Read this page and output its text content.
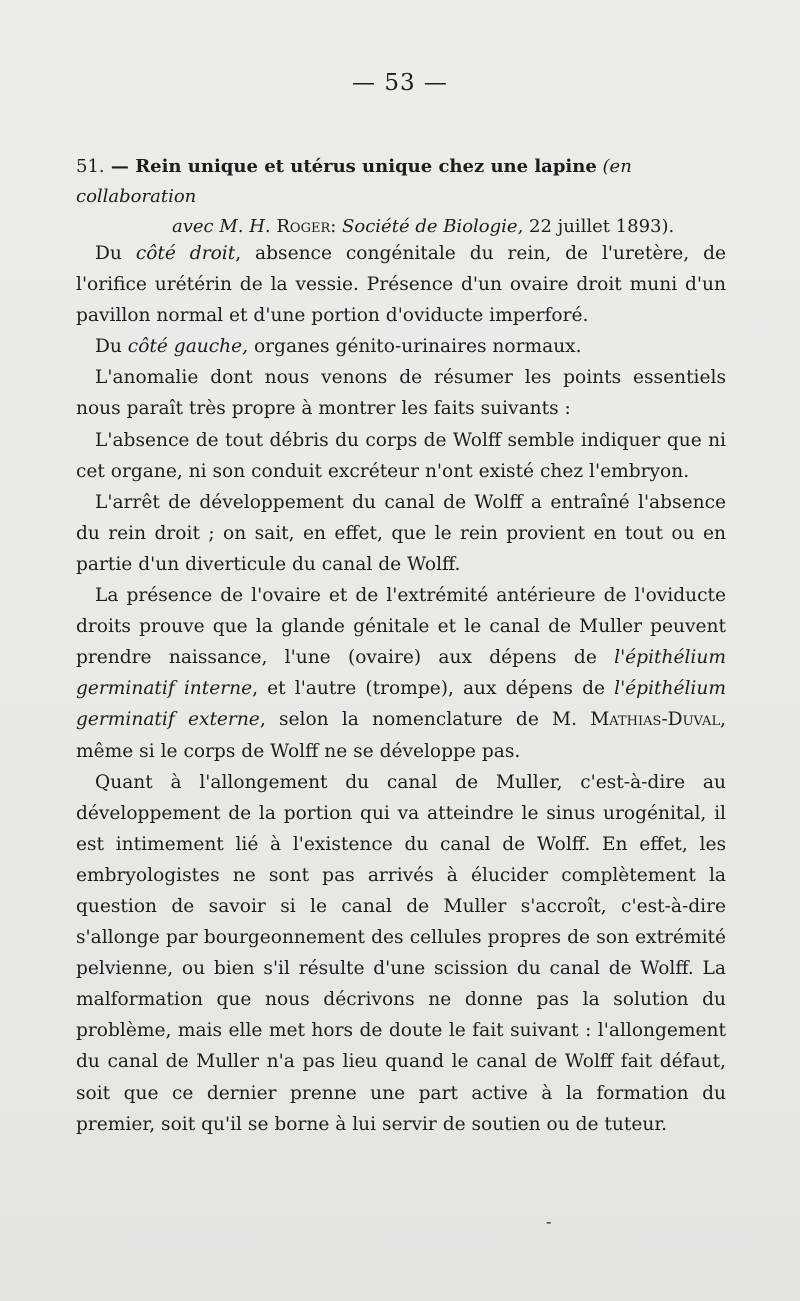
— 53 —
51. — Rein unique et utérus unique chez une lapine (en collaboration
avec M. H. Roger: Société de Biologie, 22 juillet 1893).

Du côté droit, absence congénitale du rein, de l'uretère, de l'orifice urétérin de la vessie. Présence d'un ovaire droit muni d'un pavillon normal et d'une portion d'oviducte imperforé.

Du côté gauche, organes génito-urinaires normaux.

L'anomalie dont nous venons de résumer les points essentiels nous paraît très propre à montrer les faits suivants :

L'absence de tout débris du corps de Wolff semble indiquer que ni cet organe, ni son conduit excréteur n'ont existé chez l'embryon.

L'arrêt de développement du canal de Wolff a entraîné l'absence du rein droit ; on sait, en effet, que le rein provient en tout ou en partie d'un diverticule du canal de Wolff.

La présence de l'ovaire et de l'extrémité antérieure de l'oviducte droits prouve que la glande génitale et le canal de Muller peuvent prendre naissance, l'une (ovaire) aux dépens de l'épithélium germinatif interne, et l'autre (trompe), aux dépens de l'épithélium germinatif externe, selon la nomenclature de M. Mathias-Duval, même si le corps de Wolff ne se développe pas.

Quant à l'allongement du canal de Muller, c'est-à-dire au développement de la portion qui va atteindre le sinus urogénital, il est intimement lié à l'existence du canal de Wolff. En effet, les embryologistes ne sont pas arrivés à élucider complètement la question de savoir si le canal de Muller s'accroît, c'est-à-dire s'allonge par bourgeonnement des cellules propres de son extrémité pelvienne, ou bien s'il résulte d'une scission du canal de Wolff. La malformation que nous décrivons ne donne pas la solution du problème, mais elle met hors de doute le fait suivant : l'allongement du canal de Muller n'a pas lieu quand le canal de Wolff fait défaut, soit que ce dernier prenne une part active à la formation du premier, soit qu'il se borne à lui servir de soutien ou de tuteur.

-
